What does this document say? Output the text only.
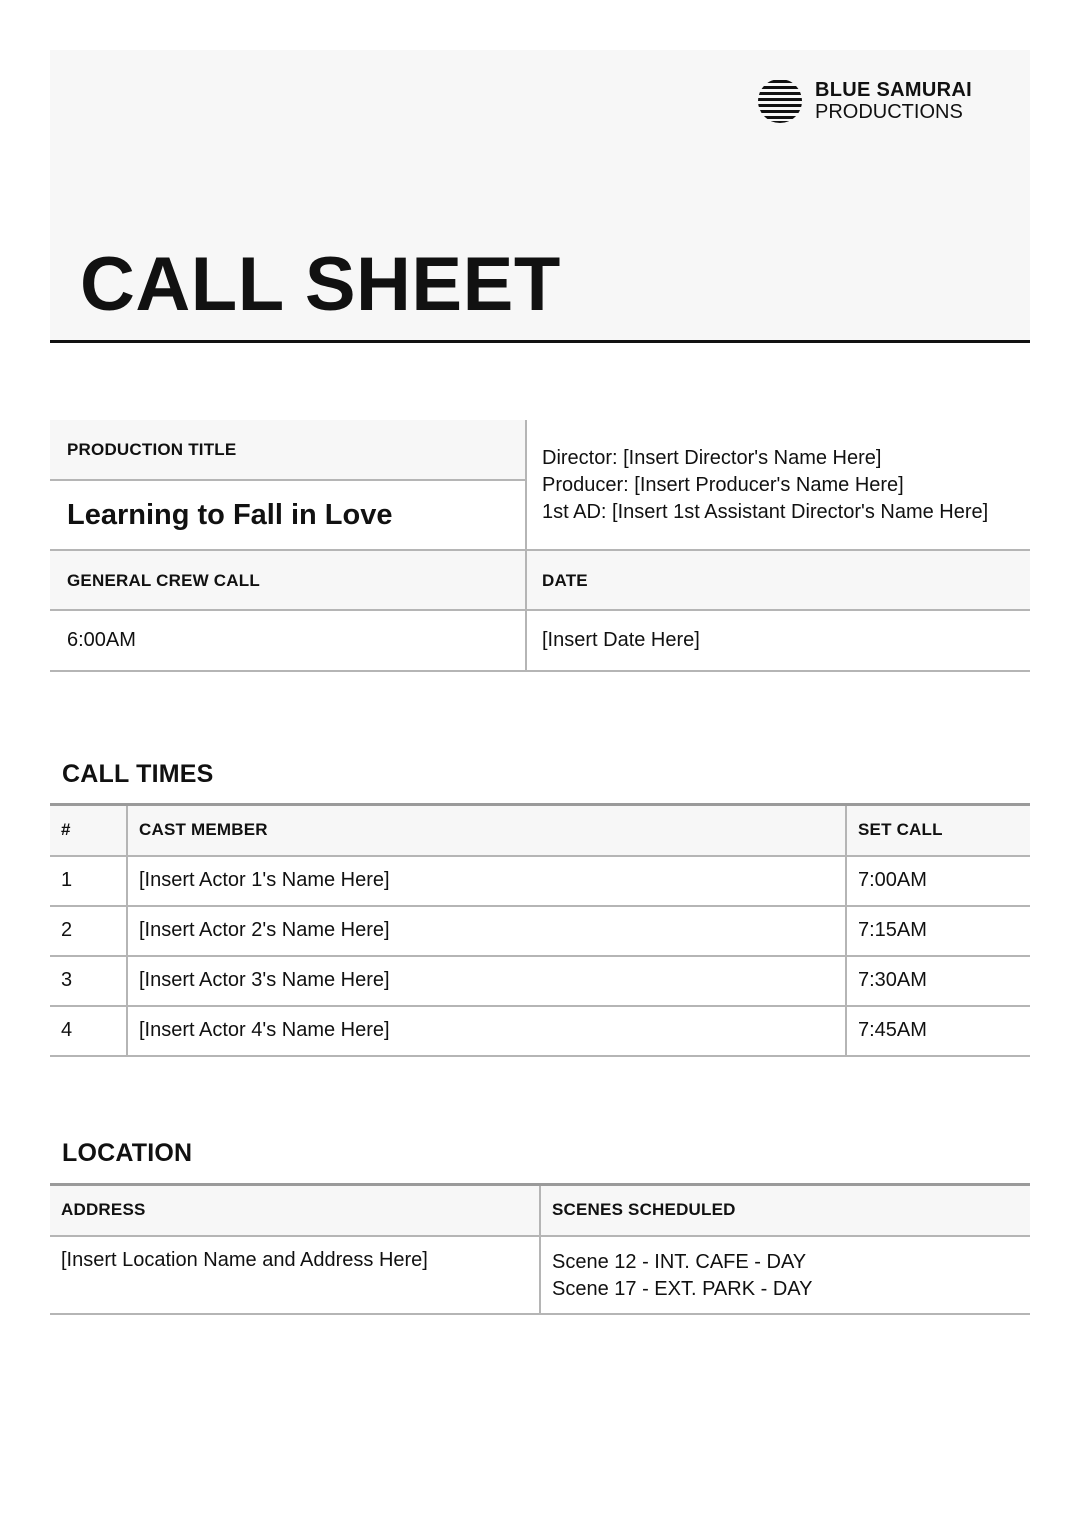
BLUE SAMURAI
PRODUCTIONS
CALL SHEET
PRODUCTION TITLE
Learning to Fall in Love
Director: [Insert Director's Name Here]
Producer: [Insert Producer's Name Here]
1st AD: [Insert 1st Assistant Director's Name Here]
GENERAL CREW CALL	DATE
6:00AM	[Insert Date Here]
CALL TIMES
#	CAST MEMBER	SET CALL
1	[Insert Actor 1's Name Here]	7:00AM
2	[Insert Actor 2's Name Here]	7:15AM
3	[Insert Actor 3's Name Here]	7:30AM
4	[Insert Actor 4's Name Here]	7:45AM
LOCATION
ADDRESS	SCENES SCHEDULED
[Insert Location Name and Address Here]	Scene 12 - INT. CAFE - DAY
Scene 17 - EXT. PARK - DAY
